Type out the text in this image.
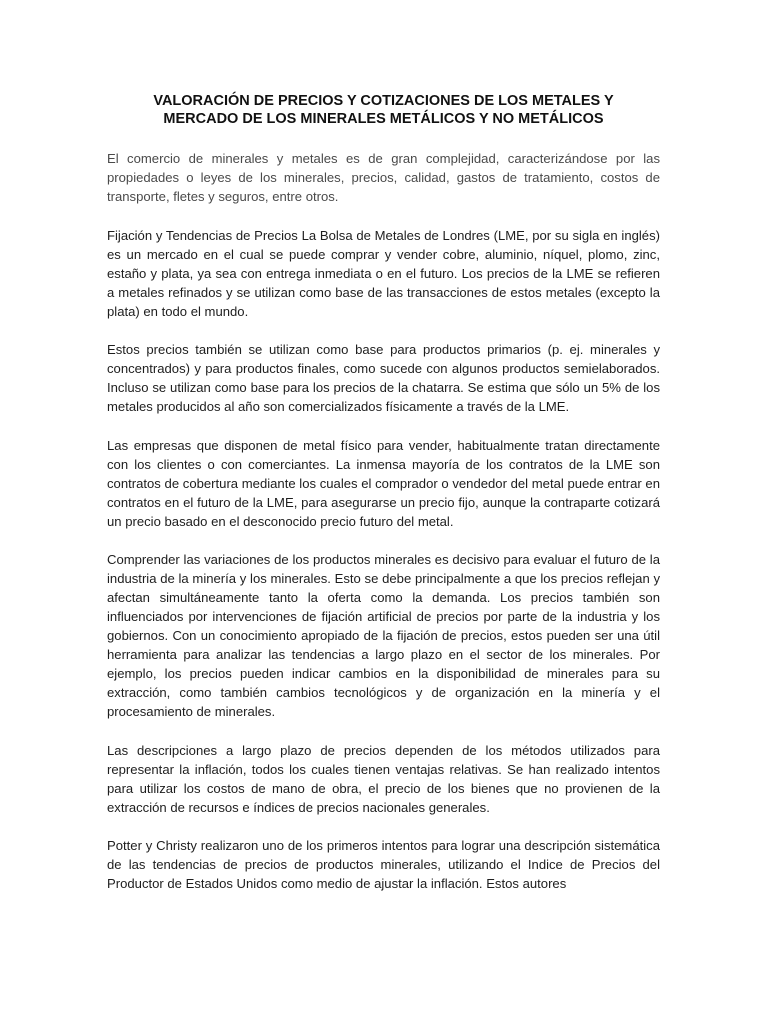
VALORACIÓN DE PRECIOS Y COTIZACIONES DE LOS METALES Y
MERCADO DE LOS MINERALES METÁLICOS Y NO METÁLICOS

El comercio de minerales y metales es de gran complejidad, caracterizándose por las propiedades o leyes de los minerales, precios, calidad, gastos de tratamiento, costos de transporte, fletes y seguros, entre otros.

Fijación y Tendencias de Precios La Bolsa de Metales de Londres (LME, por su sigla en inglés) es un mercado en el cual se puede comprar y vender cobre, aluminio, níquel, plomo, zinc, estaño y plata, ya sea con entrega inmediata o en el futuro. Los precios de la LME se refieren a metales refinados y se utilizan como base de las transacciones de estos metales (excepto la plata) en todo el mundo.

Estos precios también se utilizan como base para productos primarios (p. ej. minerales y concentrados) y para productos finales, como sucede con algunos productos semielaborados. Incluso se utilizan como base para los precios de la chatarra. Se estima que sólo un 5% de los metales producidos al año son comercializados físicamente a través de la LME.

Las empresas que disponen de metal físico para vender, habitualmente tratan directamente con los clientes o con comerciantes. La inmensa mayoría de los contratos de la LME son contratos de cobertura mediante los cuales el comprador o vendedor del metal puede entrar en contratos en el futuro de la LME, para asegurarse un precio fijo, aunque la contraparte cotizará un precio basado en el desconocido precio futuro del metal.

Comprender las variaciones de los productos minerales es decisivo para evaluar el futuro de la industria de la minería y los minerales. Esto se debe principalmente a que los precios reflejan y afectan simultáneamente tanto la oferta como la demanda. Los precios también son influenciados por intervenciones de fijación artificial de precios por parte de la industria y los gobiernos. Con un conocimiento apropiado de la fijación de precios, estos pueden ser una útil herramienta para analizar las tendencias a largo plazo en el sector de los minerales. Por ejemplo, los precios pueden indicar cambios en la disponibilidad de minerales para su extracción, como también cambios tecnológicos y de organización en la minería y el procesamiento de minerales.

Las descripciones a largo plazo de precios dependen de los métodos utilizados para representar la inflación, todos los cuales tienen ventajas relativas. Se han realizado intentos para utilizar los costos de mano de obra, el precio de los bienes que no provienen de la extracción de recursos e índices de precios nacionales generales.

Potter y Christy realizaron uno de los primeros intentos para lograr una descripción sistemática de las tendencias de precios de productos minerales, utilizando el Indice de Precios del Productor de Estados Unidos como medio de ajustar la inflación. Estos autores
